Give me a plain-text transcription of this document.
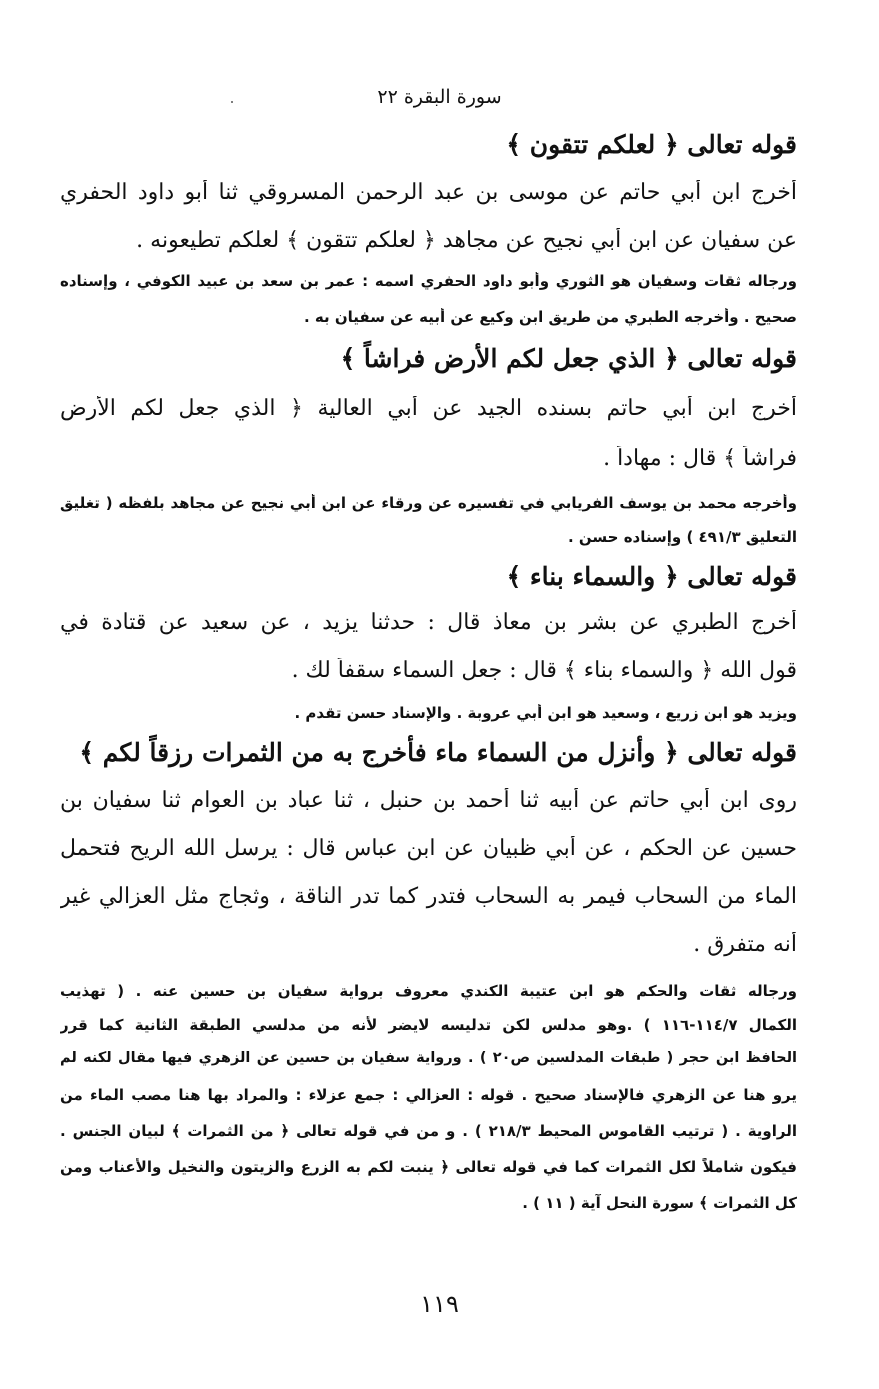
سورة البقرة ٢٢
قوله تعالى ﴿ لعلكم تتقون ﴾
أخرج ابن أبي حاتم عن موسى بن عبد الرحمن المسروقي ثنا أبو داود الحفري
عن سفيان عن ابن أبي نجيح عن مجاهد ﴿ لعلكم تتقون ﴾ لعلكم تطيعونه .
ورجاله ثقات وسفيان هو الثوري وأبو داود الحفري اسمه : عمر بن سعد بن عبيد الكوفي ، وإسناده
صحيح . وأخرجه الطبري من طريق ابن وكيع عن أبيه عن سفيان به .
قوله تعالى ﴿ الذي جعل لكم الأرض فراشاً ﴾
أخرج ابن أبي حاتم بسنده الجيد عن أبي العالية ﴿ الذي جعل لكم الأرض
فراشاً ﴾ قال : مهاداً .
وأخرجه محمد بن يوسف الفريابي في تفسيره عن ورقاء عن ابن أبي نجيح عن مجاهد بلفظه ( تغليق
التعليق ٤٩١/٣ ) وإسناده حسن .
قوله تعالى ﴿ والسماء بناء ﴾
أخرج الطبري عن بشر بن معاذ قال : حدثنا يزيد ، عن سعيد عن قتادة في
قول الله ﴿ والسماء بناء ﴾ قال : جعل السماء سقفاً لك .
ويزيد هو ابن زريع ، وسعيد هو ابن أبي عروبة . والإسناد حسن تقدم .
قوله تعالى ﴿ وأنزل من السماء ماء فأخرج به من الثمرات رزقاً لكم ﴾
روى ابن أبي حاتم عن أبيه ثنا أحمد بن حنبل ، ثنا عباد بن العوام ثنا سفيان بن
حسين عن الحكم ، عن أبي ظبيان عن ابن عباس قال : يرسل الله الريح فتحمل
الماء من السحاب فيمر به السحاب فتدر كما تدر الناقة ، وثجاج مثل العزالي غير
أنه متفرق .
ورجاله ثقات والحكم هو ابن عتيبة الكندي معروف برواية سفيان بن حسين عنه . ( تهذيب
الكمال ١١٤/٧-١١٦ ) .وهو مدلس لكن تدليسه لايضر لأنه من مدلسي الطبقة الثانية كما قرر
الحافظ ابن حجر ( طبقات المدلسين ص٢٠ ) . ورواية سفيان بن حسين عن الزهري فيها مقال لكنه لم
يرو هنا عن الزهري فالإسناد صحيح . قوله : العزالي : جمع عزلاء : والمراد بها هنا مصب الماء من
الراوية . ( ترتيب القاموس المحيط ٢١٨/٣ ) . و من في قوله تعالى ﴿ من الثمرات ﴾ لبيان الجنس .
فيكون شاملاً لكل الثمرات كما في قوله تعالى ﴿ ينبت لكم به الزرع والزيتون والنخيل والأعناب ومن
كل الثمرات ﴾ سورة النحل آية ( ١١ ) .
١١٩
